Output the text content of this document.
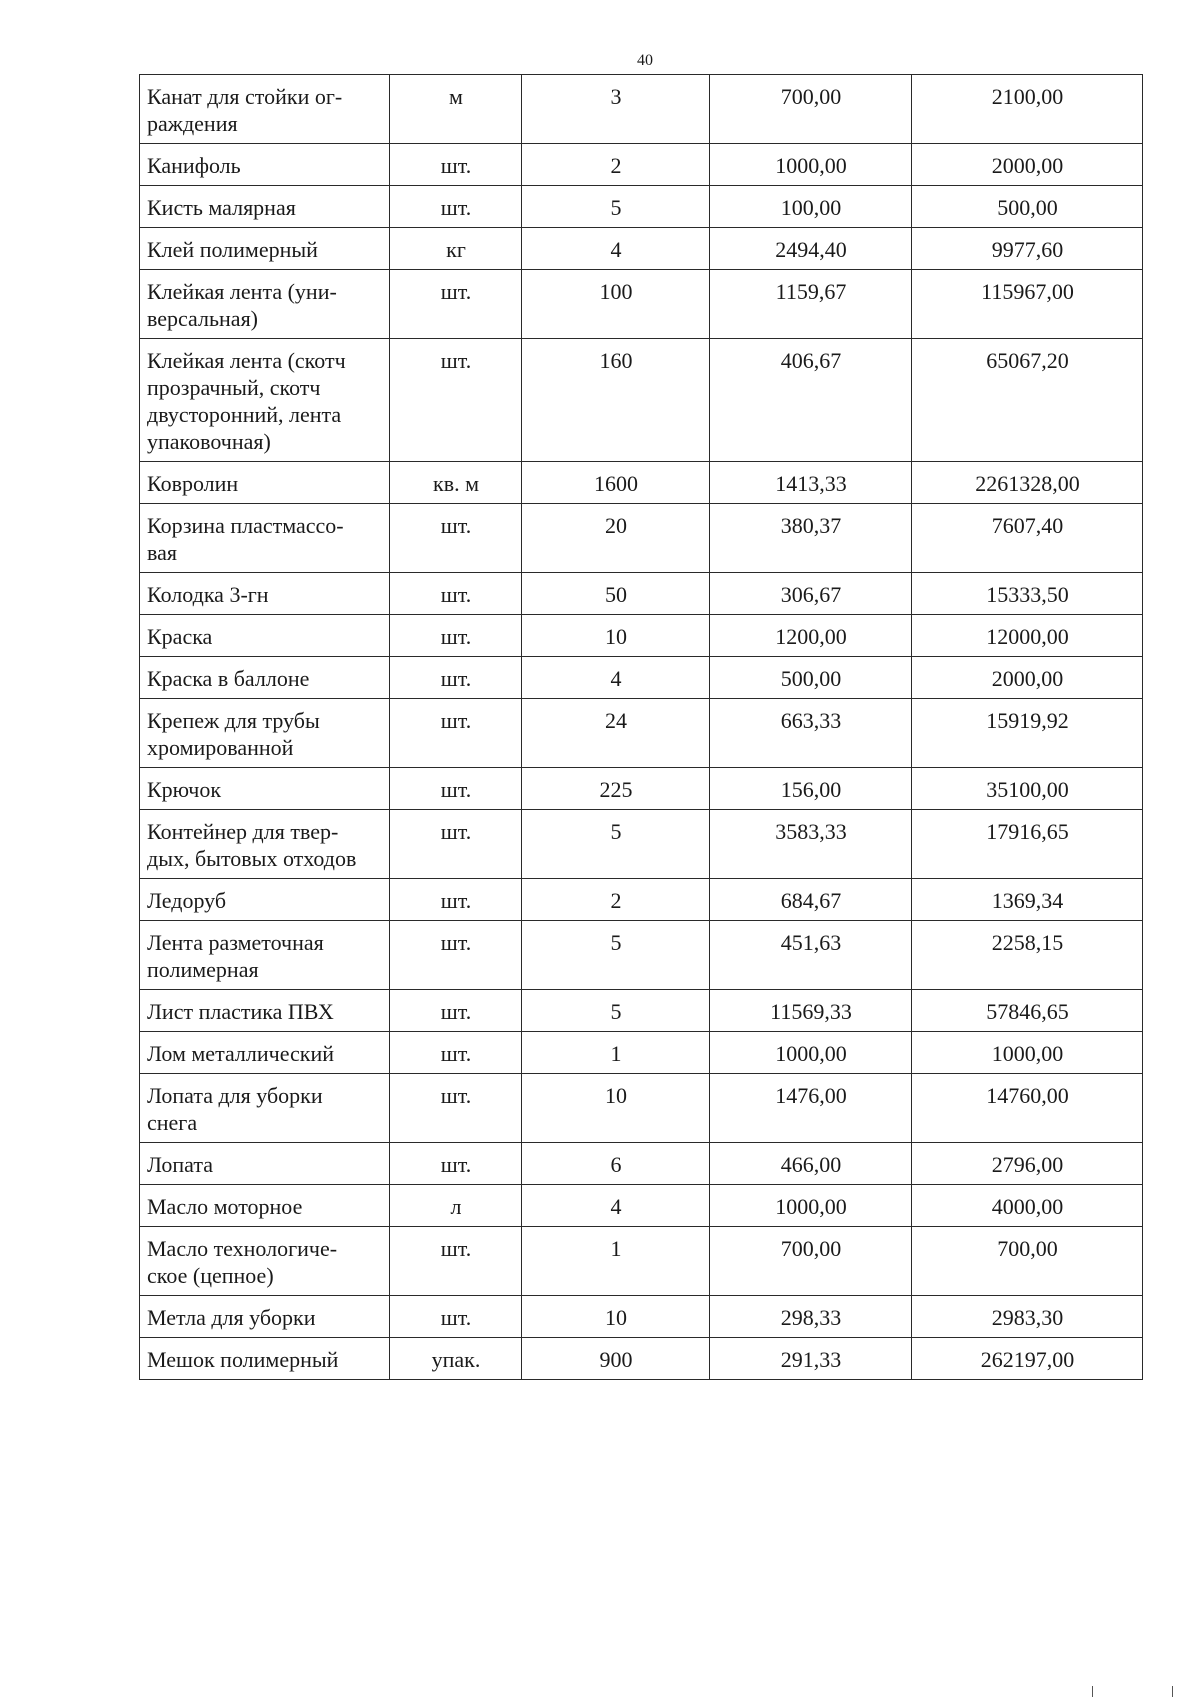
40
Канат для стойки ог-
раждения	м	3	700,00	2100,00
Канифоль	шт.	2	1000,00	2000,00
Кисть малярная	шт.	5	100,00	500,00
Клей полимерный	кг	4	2494,40	9977,60
Клейкая лента (уни-
версальная)	шт.	100	1159,67	115967,00
Клейкая лента (скотч
прозрачный, скотч
двусторонний, лента
упаковочная)	шт.	160	406,67	65067,20
Ковролин	кв. м	1600	1413,33	2261328,00
Корзина пластмассо-
вая	шт.	20	380,37	7607,40
Колодка 3-гн	шт.	50	306,67	15333,50
Краска	шт.	10	1200,00	12000,00
Краска в баллоне	шт.	4	500,00	2000,00
Крепеж для трубы
хромированной	шт.	24	663,33	15919,92
Крючок	шт.	225	156,00	35100,00
Контейнер для твер-
дых, бытовых отходов	шт.	5	3583,33	17916,65
Ледоруб	шт.	2	684,67	1369,34
Лента разметочная
полимерная	шт.	5	451,63	2258,15
Лист пластика ПВХ	шт.	5	11569,33	57846,65
Лом металлический	шт.	1	1000,00	1000,00
Лопата для уборки
снега	шт.	10	1476,00	14760,00
Лопата	шт.	6	466,00	2796,00
Масло моторное	л	4	1000,00	4000,00
Масло технологиче-
ское (цепное)	шт.	1	700,00	700,00
Метла для уборки	шт.	10	298,33	2983,30
Мешок полимерный	упак.	900	291,33	262197,00
